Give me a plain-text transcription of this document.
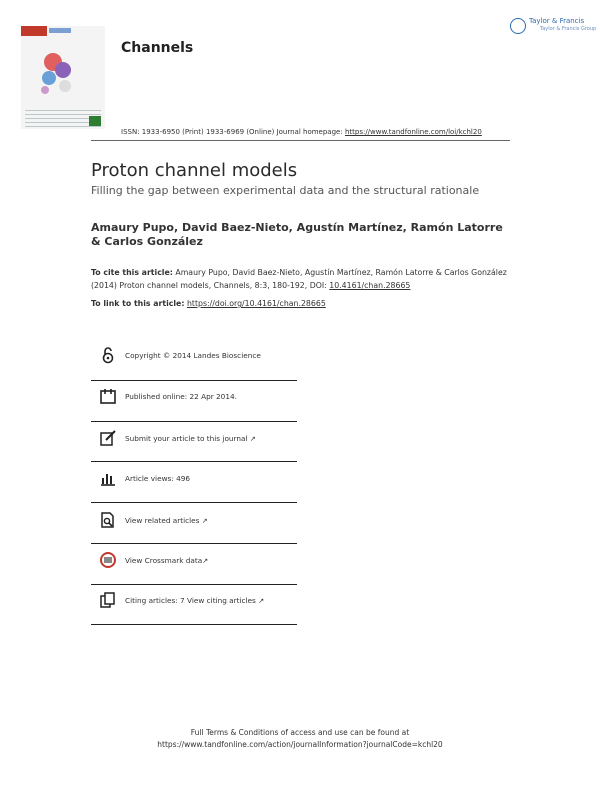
Channels
Taylor & Francis
Taylor & Francis Group
ISSN: 1933-6950 (Print) 1933-6969 (Online) Journal homepage: https://www.tandfonline.com/loi/kchl20
Proton channel models
Filling the gap between experimental data and the structural rationale
Amaury Pupo, David Baez-Nieto, Agustín Martínez, Ramón Latorre & Carlos González
To cite this article: Amaury Pupo, David Baez-Nieto, Agustín Martínez, Ramón Latorre & Carlos González (2014) Proton channel models, Channels, 8:3, 180-192, DOI: 10.4161/chan.28665
To link to this article: https://doi.org/10.4161/chan.28665
Copyright © 2014 Landes Bioscience
Published online: 22 Apr 2014.
Submit your article to this journal ↗
Article views: 496
View related articles ↗
View Crossmark data↗
Citing articles: 7 View citing articles ↗
Full Terms & Conditions of access and use can be found at
https://www.tandfonline.com/action/journalInformation?journalCode=kchl20
